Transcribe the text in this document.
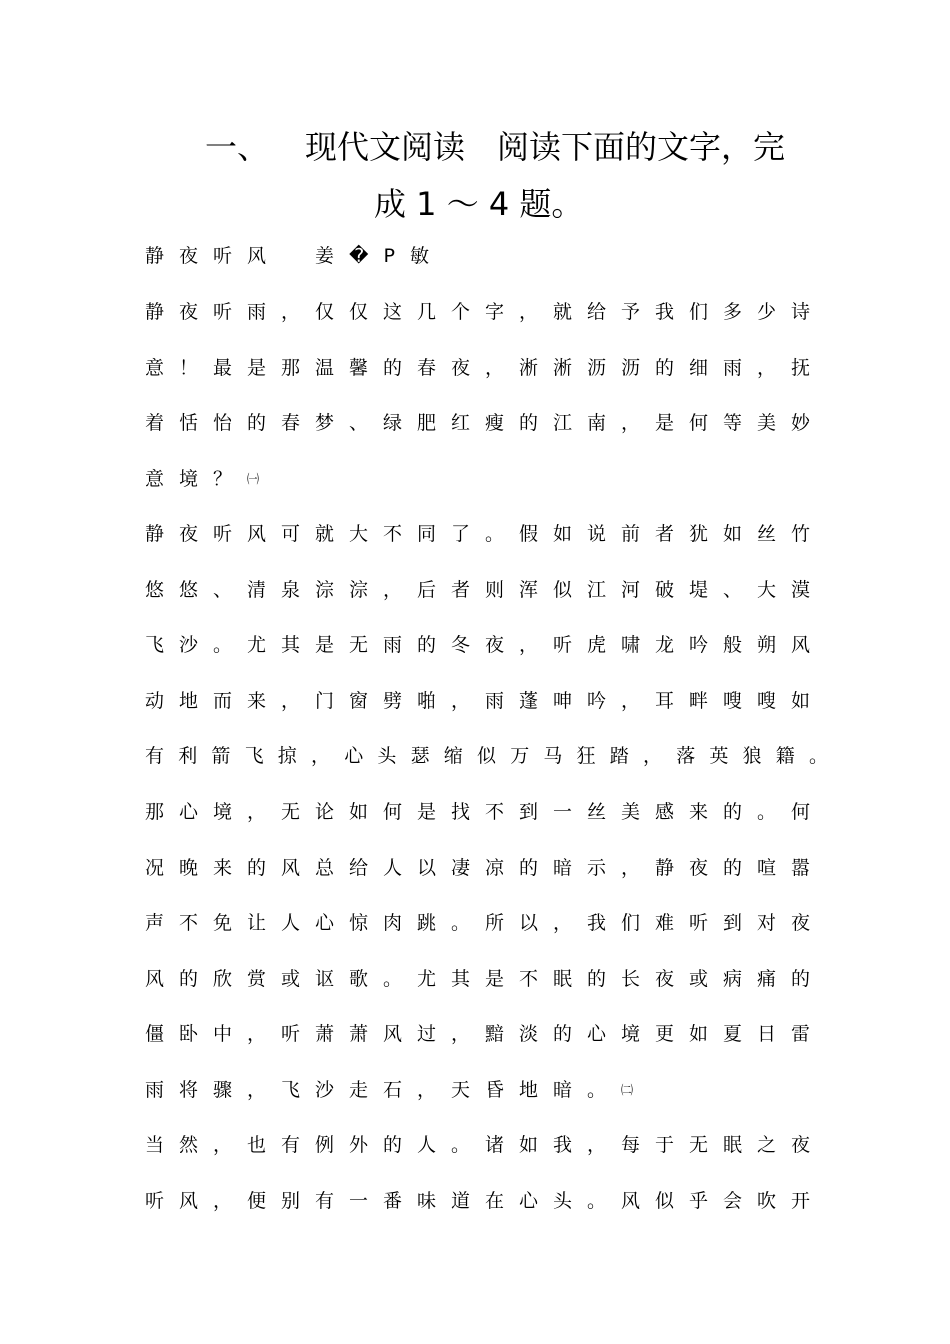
一、 现代文阅读　阅读下面的文字，完
成 1 ～ 4 题。
静夜听风　姜�P敏
静夜听雨，仅仅这几个字，就给予我们多少诗
意！最是那温馨的春夜，淅淅沥沥的细雨，抚
着恬怡的春梦、绿肥红瘦的江南，是何等美妙
意境？㈠
静夜听风可就大不同了。假如说前者犹如丝竹
悠悠、清泉淙淙，后者则浑似江河破堤、大漠
飞沙。尤其是无雨的冬夜，听虎啸龙吟般朔风
动地而来，门窗劈啪，雨蓬呻吟，耳畔嗖嗖如
有利箭飞掠，心头瑟缩似万马狂踏，落英狼籍。
那心境，无论如何是找不到一丝美感来的。何
况晚来的风总给人以凄凉的暗示，静夜的喧嚣
声不免让人心惊肉跳。所以，我们难听到对夜
风的欣赏或讴歌。尤其是不眠的长夜或病痛的
僵卧中，听萧萧风过，黯淡的心境更如夏日雷
雨将骤，飞沙走石，天昏地暗。㈡
当然，也有例外的人。诸如我，每于无眠之夜
听风，便别有一番味道在心头。风似乎会吹开
